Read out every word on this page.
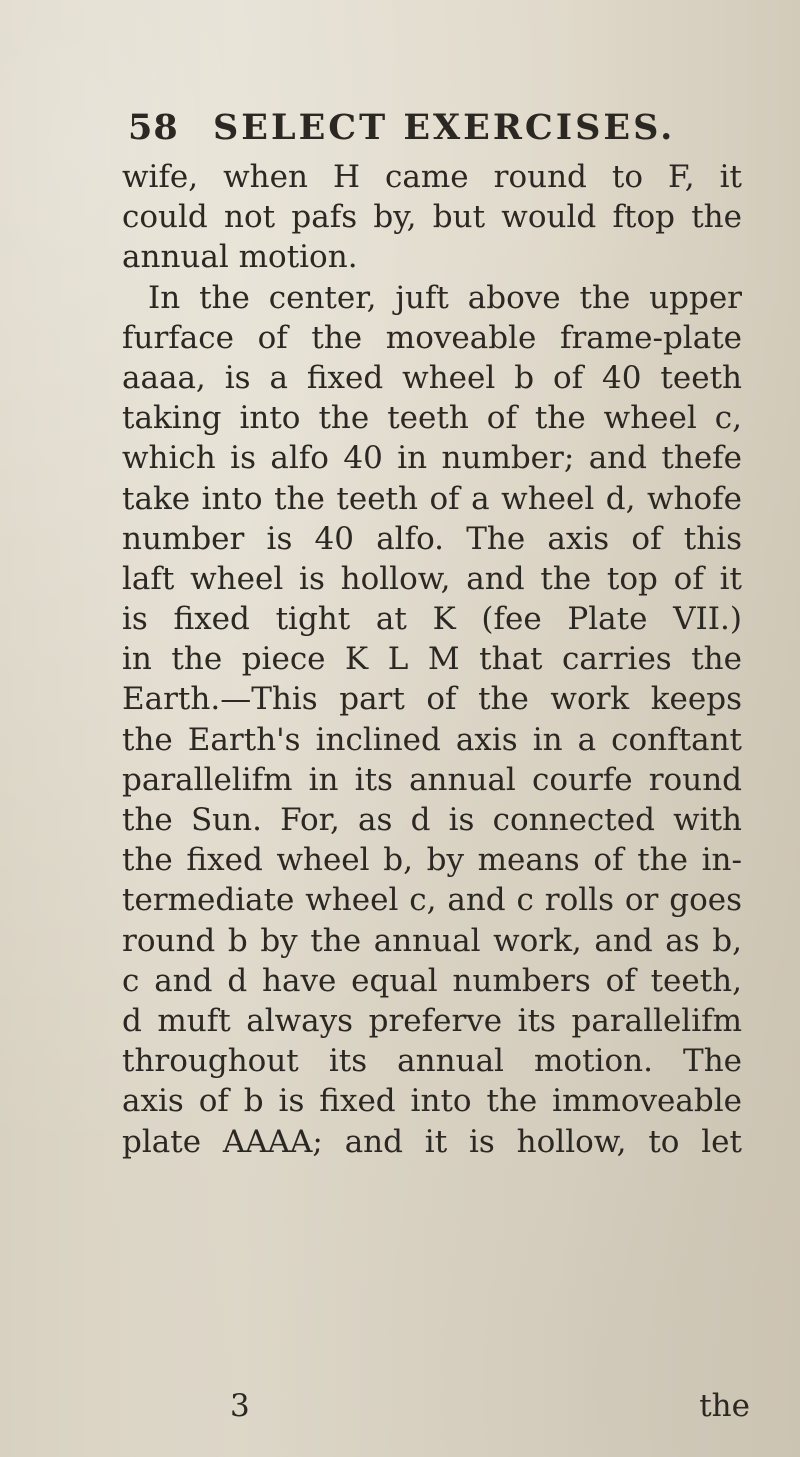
58 SELECT EXERCISES.
wife, when H came round to F, it
could not pafs by, but would ftop the
annual motion.
In the center, juft above the upper
furface of the moveable frame-plate
aaaa, is a fixed wheel b of 40 teeth
taking into the teeth of the wheel c,
which is alfo 40 in number; and thefe
take into the teeth of a wheel d, whofe
number is 40 alfo. The axis of this
laft wheel is hollow, and the top of it
is fixed tight at K (fee Plate VII.)
in the piece K L M that carries the
Earth.—This part of the work keeps
the Earth's inclined axis in a conftant
parallelifm in its annual courfe round
the Sun. For, as d is connected with
the fixed wheel b, by means of the in-
termediate wheel c, and c rolls or goes
round b by the annual work, and as b,
c and d have equal numbers of teeth,
d muft always preferve its parallelifm
throughout its annual motion. The
axis of b is fixed into the immoveable
plate AAAA; and it is hollow, to let
3	the
